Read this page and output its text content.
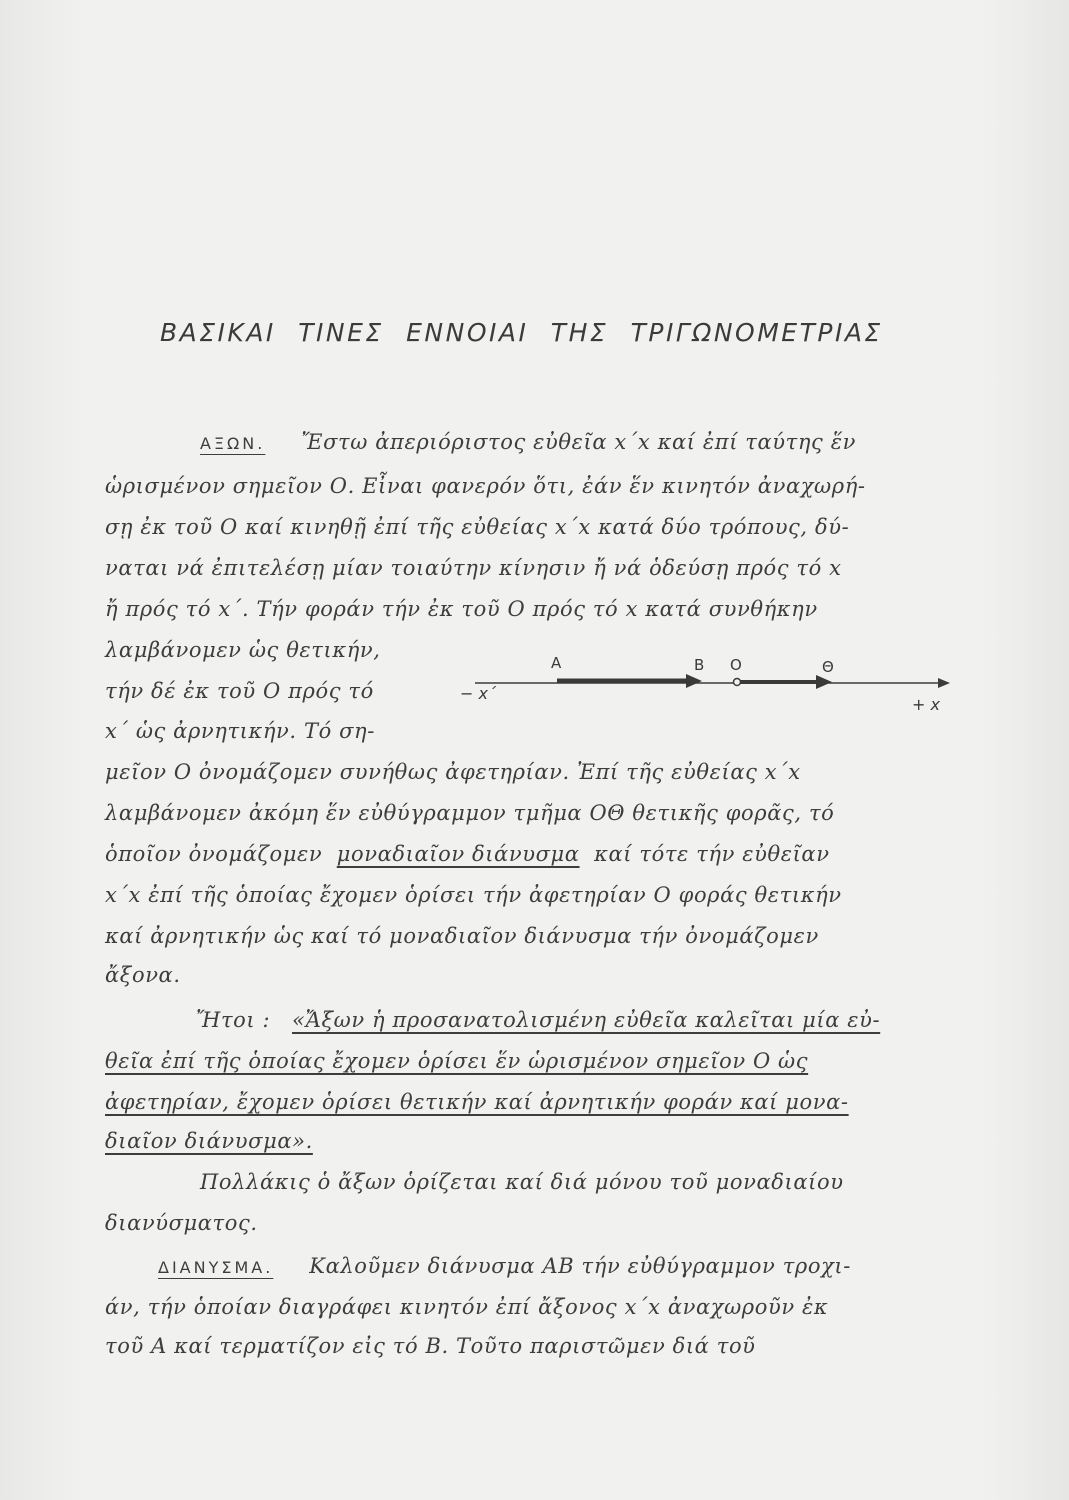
ΒΑΣΙΚΑΙ ΤΙΝΕΣ ΕΝΝΟΙΑΙ ΤΗΣ ΤΡΙΓΩΝΟΜΕΤΡΙΑΣ
ΑΞΩΝ. Ἔστω ἀπεριόριστος εὐθεῖα x΄x καί ἐπί ταύτης ἕν
ὡρισμένον σημεῖον Ο. Εἶναι φανερόν ὅτι, ἐάν ἕν κινητόν ἀναχωρή-
σῃ ἐκ τοῦ Ο καί κινηθῇ ἐπί τῆς εὐθείας x΄x κατά δύο τρόπους, δύ-
ναται νά ἐπιτελέσῃ μίαν τοιαύτην κίνησιν ἤ νά ὁδεύσῃ πρός τό x
ἤ πρός τό x΄. Τήν φοράν τήν ἐκ τοῦ Ο πρός τό x κατά συνθήκην
λαμβάνομεν ὡς θετικήν,
τήν δέ ἐκ τοῦ Ο πρός τό
x΄ ὡς ἀρνητικήν. Τό ση-
μεῖον Ο ὀνομάζομεν συνήθως ἀφετηρίαν. Ἐπί τῆς εὐθείας x΄x
λαμβάνομεν ἀκόμη ἕν εὐθύγραμμον τμῆμα ΟΘ θετικῆς φορᾶς, τό
ὁποῖον ὀνομάζομεν μοναδιαῖον διάνυσμα καί τότε τήν εὐθεῖαν
x΄x ἐπί τῆς ὁποίας ἔχομεν ὁρίσει τήν ἀφετηρίαν Ο φοράς θετικήν
καί ἀρνητικήν ὡς καί τό μοναδιαῖον διάνυσμα τήν ὀνομάζομεν
ἄξονα.
Ἤτοι : «Ἄξων ἡ προσανατολισμένη εὐθεῖα καλεῖται μία εὐ-
θεῖα ἐπί τῆς ὁποίας ἔχομεν ὁρίσει ἕν ὡρισμένον σημεῖον Ο ὡς
ἀφετηρίαν, ἔχομεν ὁρίσει θετικήν καί ἀρνητικήν φοράν καί μονα-
διαῖον διάνυσμα».
Πολλάκις ὁ ἄξων ὁρίζεται καί διά μόνου τοῦ μοναδιαίου
διανύσματος.
ΔΙΑΝΥΣΜΑ. Καλοῦμεν διάνυσμα ΑΒ τήν εὐθύγραμμον τροχι-
άν, τήν ὁποίαν διαγράφει κινητόν ἐπί ἄξονος x΄x ἀναχωροῦν ἐκ
τοῦ Α καί τερματίζον εἰς τό Β. Τοῦτο παριστῶμεν διά τοῦ
Α	Β Ο	Θ
− x΄
+ x
